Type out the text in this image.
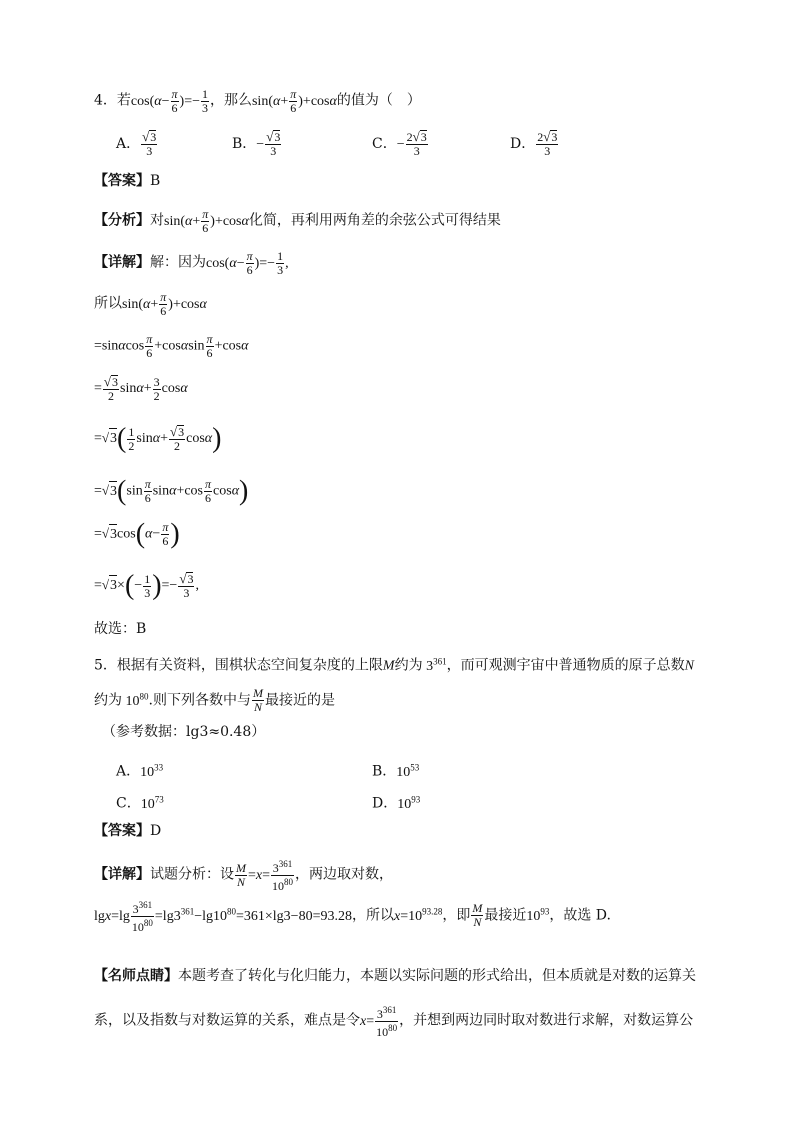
4．若$\cos(\alpha- \frac{\pi}{6}$ )=− $\frac{1}{3}$ ，那么$\sin(\alpha+ \frac{\pi}{6} )+\cos\alpha$的值为（　）
A． $\frac{√3}{3}$	B．− $\frac{√3}{3}$	C．− $\frac{2√3}{3}$	D． $\frac{2√3}{3}$
【答案】B
【分析】对$\sin(\alpha+ \frac{\pi}{6} )+\cos\alpha$化简，再利用两角差的余弦公式可得结果
【详解】解：因为$\cos(\alpha- \frac{\pi}{6}$ )=− $\frac{1}{3}$ ,
所以$\sin(\alpha+ \frac{\pi}{6} )+\cos\alpha$
$=\sin\alpha\cos \frac{\pi}{6} +\cos\alpha\sin \frac{\pi}{6} +\cos\alpha$
= $\frac{√3}{2} \sin\alpha+ \frac{3}{2}$ cosα
$=√3( \frac{1}{2} \sin\alpha+ \frac{√3}{2} \cos\alpha)$
$=√3(\sin \frac{\pi}{6} \sin\alpha+\cos \frac{\pi}{6} \cos\alpha)$
$=√3\cos(\alpha- \frac{\pi}{6}$ )
$=√3\times(- \frac{1}{3}$ )=− $\frac{√3}{3}$ ,
故选：B
5．根据有关资料，围棋状态空间复杂度的上限M约为 $3^{361}$，而可观测宇宙中普通物质的原子总数N
约为 $10^{80}$.则下列各数中与 $\frac{M}{N}$ 最接近的是
（参考数据：lg3≈0.48）
A．$10^{33}$	B．$10^{53}$
C．$10^{73}$	D．$10^{93}$
【答案】D
【详解】试题分析：设 $\frac{M}{N} =x= \frac{3^{361}}{10^{80}}$ ，两边取对数，
$\lg x=\lg \frac{3^{361}}{10^{80}} =\lg 3^{361}-\lg 10^{80}=361\times\lg 3-80=93.28$，所以$x=10^{93.28}$，即 $\frac{M}{N}$ 最接近$10^{93}$，故选 D.
【名师点睛】本题考查了转化与化归能力，本题以实际问题的形式给出，但本质就是对数的运算关
系，以及指数与对数运算的关系，难点是令$x= \frac{3^{361}}{10^{80}}$ ，并想到两边同时取对数进行求解，对数运算公
